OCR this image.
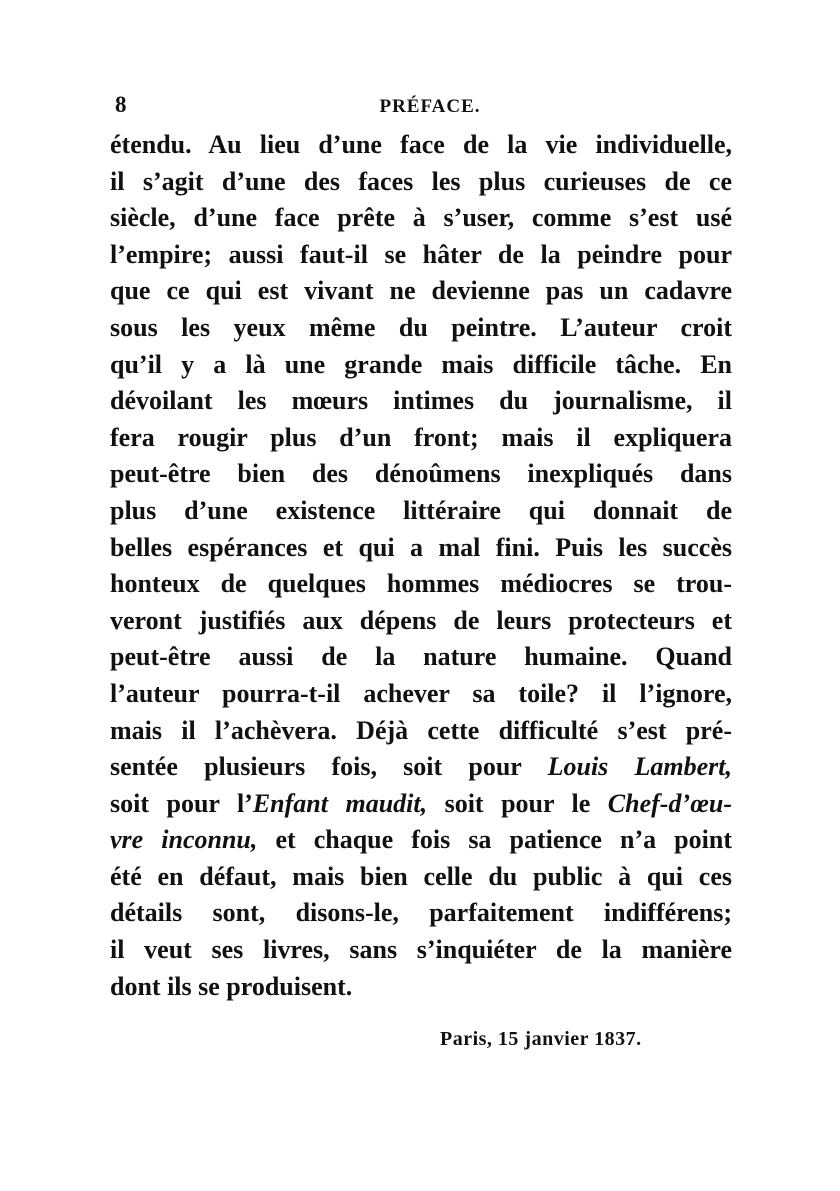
8	PRÉFACE.
étendu. Au lieu d’une face de la vie individuelle,
il s’agit d’une des faces les plus curieuses de ce
siècle, d’une face prête à s’user, comme s’est usé
l’empire; aussi faut-il se hâter de la peindre pour
que ce qui est vivant ne devienne pas un cadavre
sous les yeux même du peintre. L’auteur croit
qu’il y a là une grande mais difficile tâche. En
dévoilant les mœurs intimes du journalisme, il
fera rougir plus d’un front; mais il expliquera
peut-être bien des dénoûmens inexpliqués dans
plus d’une existence littéraire qui donnait de
belles espérances et qui a mal fini. Puis les succès
honteux de quelques hommes médiocres se trou-
veront justifiés aux dépens de leurs protecteurs et
peut-être aussi de la nature humaine. Quand
l’auteur pourra-t-il achever sa toile? il l’ignore,
mais il l’achèvera. Déjà cette difficulté s’est pré-
sentée plusieurs fois, soit pour Louis Lambert,
soit pour l’Enfant maudit, soit pour le Chef-d’œu-
vre inconnu, et chaque fois sa patience n’a point
été en défaut, mais bien celle du public à qui ces
détails sont, disons-le, parfaitement indifférens;
il veut ses livres, sans s’inquiéter de la manière
dont ils se produisent.
Paris, 15 janvier 1837.
